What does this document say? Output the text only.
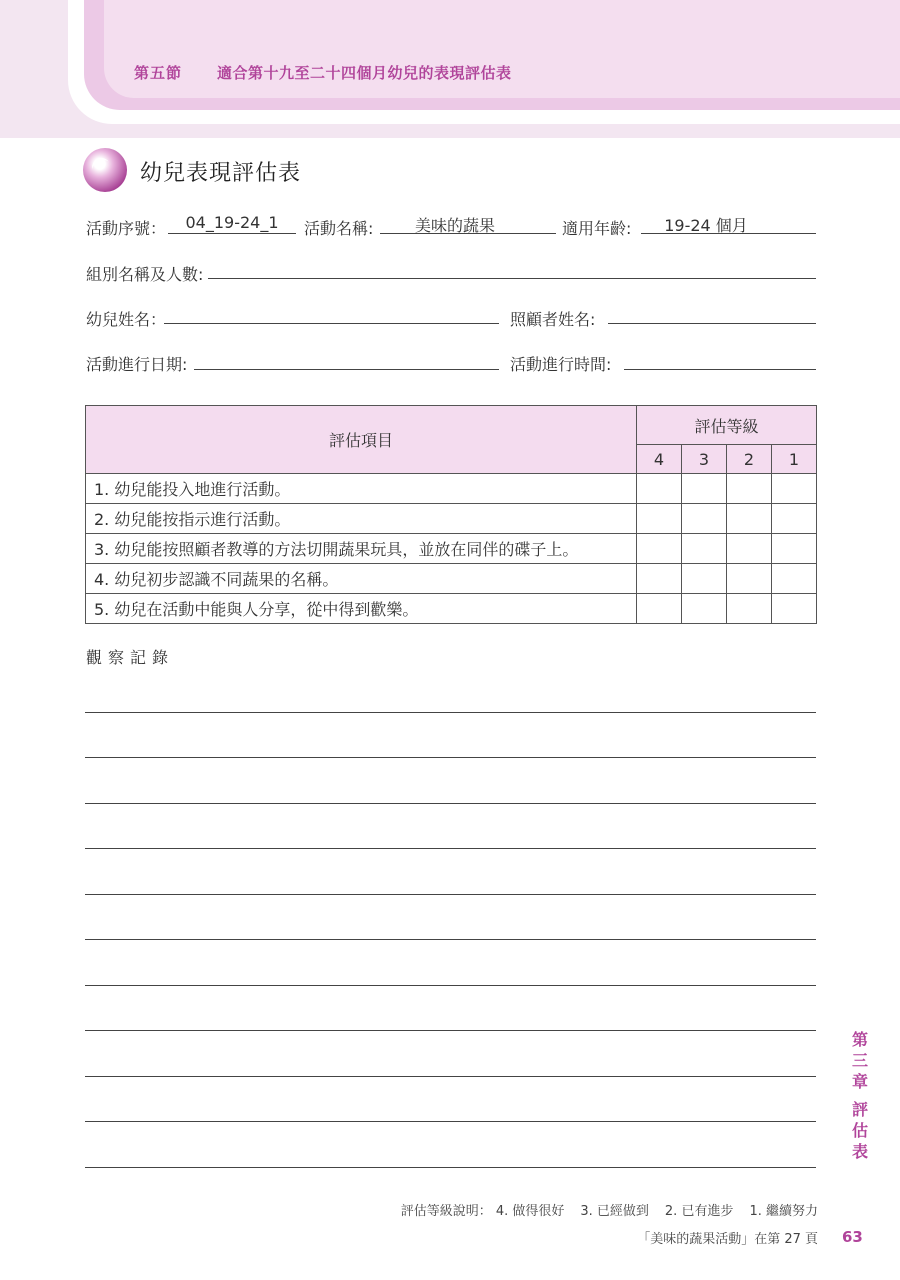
第五節 適合第十九至二十四個月幼兒的表現評估表
幼兒表現評估表
活動序號：	04_19-24_1	活動名稱:	美味的蔬果	適用年齡:	19-24 個月
組別名稱及人數:
幼兒姓名：	照顧者姓名:
活動進行日期:	活動進行時間:
評估項目	評估等級			
	4	3	2	1
1. 幼兒能投入地進行活動。				
2. 幼兒能按指示進行活動。				
3. 幼兒能按照顧者教導的方法切開蔬果玩具，並放在同伴的碟子上。				
4. 幼兒初步認識不同蔬果的名稱。				
5. 幼兒在活動中能與人分享，從中得到歡樂。				
觀察記錄
第三章
評估表
評估等級說明： 4. 做得很好 3. 已經做到 2. 已有進步 1. 繼續努力
「美味的蔬果活動」在第 27 頁 63
